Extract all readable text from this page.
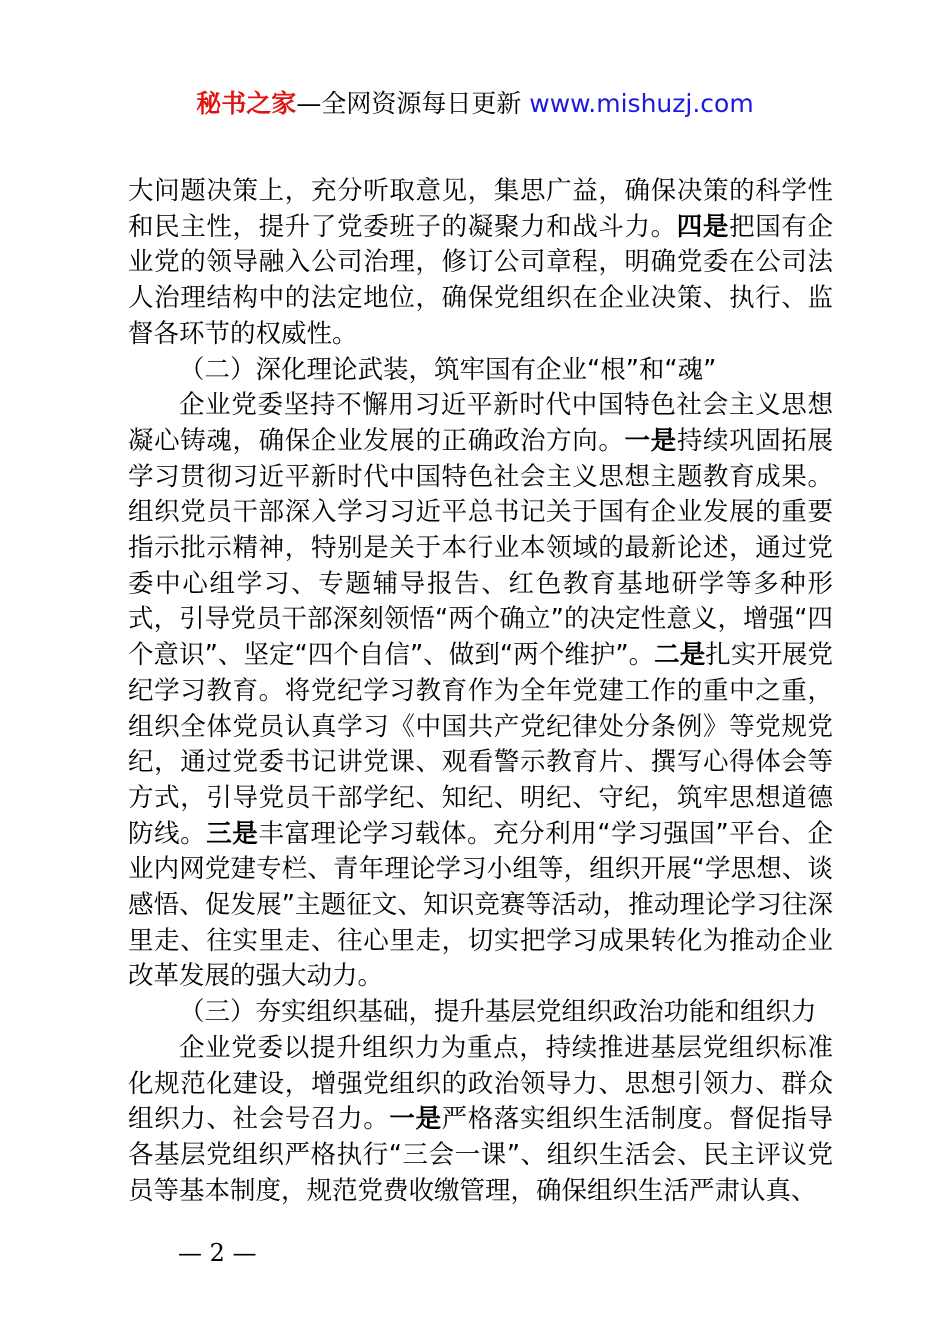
秘书之家—全网资源每日更新 www.mishuzj.com

大问题决策上，充分听取意见，集思广益，确保决策的科学性和民主性，提升了党委班子的凝聚力和战斗力。四是把国有企业党的领导融入公司治理，修订公司章程，明确党委在公司法人治理结构中的法定地位，确保党组织在企业决策、执行、监督各环节的权威性。

（二）深化理论武装，筑牢国有企业“根”和“魂”

企业党委坚持不懈用习近平新时代中国特色社会主义思想凝心铸魂，确保企业发展的正确政治方向。一是持续巩固拓展学习贯彻习近平新时代中国特色社会主义思想主题教育成果。组织党员干部深入学习习近平总书记关于国有企业发展的重要指示批示精神，特别是关于本行业本领域的最新论述，通过党委中心组学习、专题辅导报告、红色教育基地研学等多种形式，引导党员干部深刻领悟“两个确立”的决定性意义，增强“四个意识”、坚定“四个自信”、做到“两个维护”。二是扎实开展党纪学习教育。将党纪学习教育作为全年党建工作的重中之重，组织全体党员认真学习《中国共产党纪律处分条例》等党规党纪，通过党委书记讲党课、观看警示教育片、撰写心得体会等方式，引导党员干部学纪、知纪、明纪、守纪，筑牢思想道德防线。三是丰富理论学习载体。充分利用“学习强国”平台、企业内网党建专栏、青年理论学习小组等，组织开展“学思想、谈感悟、促发展”主题征文、知识竞赛等活动，推动理论学习往深里走、往实里走、往心里走，切实把学习成果转化为推动企业改革发展的强大动力。

（三）夯实组织基础，提升基层党组织政治功能和组织力

企业党委以提升组织力为重点，持续推进基层党组织标准化规范化建设，增强党组织的政治领导力、思想引领力、群众组织力、社会号召力。一是严格落实组织生活制度。督促指导各基层党组织严格执行“三会一课”、组织生活会、民主评议党员等基本制度，规范党费收缴管理，确保组织生活严肃认真、

— 2 —
